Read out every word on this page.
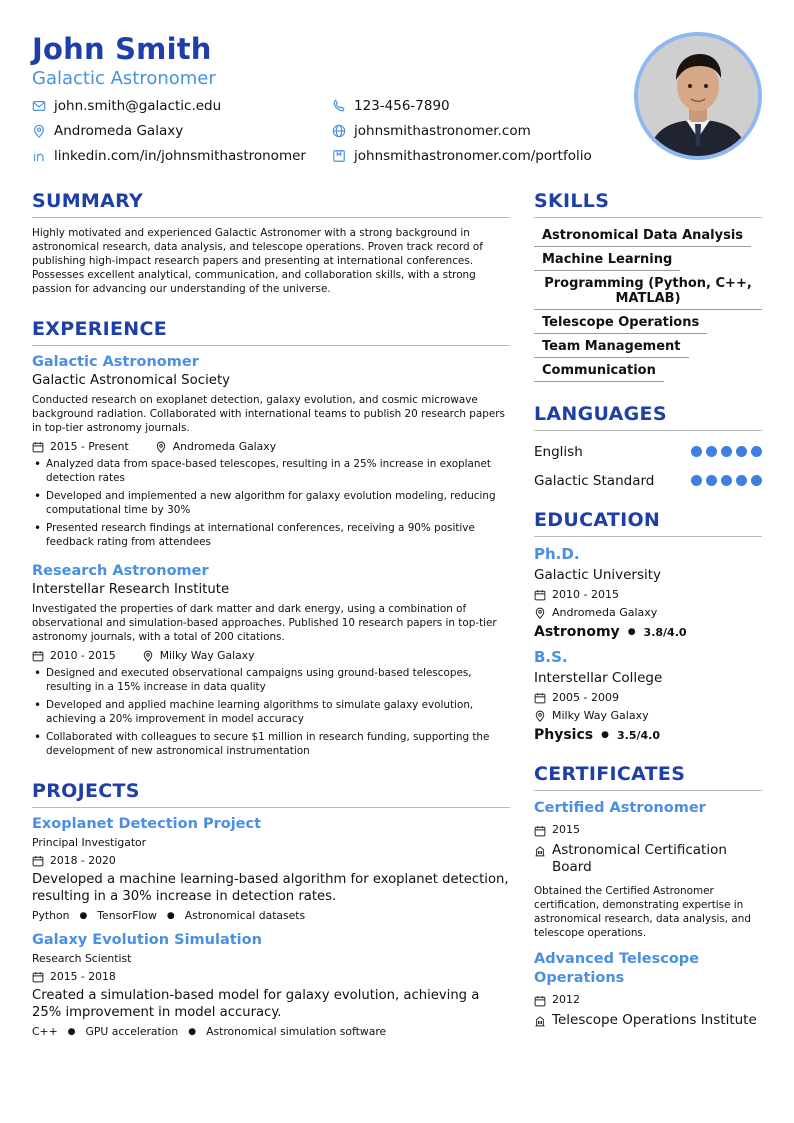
John Smith
Galactic Astronomer
john.smith@galactic.edu	123-456-7890
Andromeda Galaxy	johnsmithastronomer.com
linkedin.com/in/johnsmithastronomer	johnsmithastronomer.com/portfolio
SUMMARY
Highly motivated and experienced Galactic Astronomer with a strong background in astronomical research, data analysis, and telescope operations. Proven track record of publishing high-impact research papers and presenting at international conferences. Possesses excellent analytical, communication, and collaboration skills, with a strong passion for advancing our understanding of the universe.
EXPERIENCE
Galactic Astronomer
Galactic Astronomical Society
Conducted research on exoplanet detection, galaxy evolution, and cosmic microwave background radiation. Collaborated with international teams to publish 20 research papers in top-tier astronomy journals.
2015 - Present	Andromeda Galaxy
• Analyzed data from space-based telescopes, resulting in a 25% increase in exoplanet detection rates
• Developed and implemented a new algorithm for galaxy evolution modeling, reducing computational time by 30%
• Presented research findings at international conferences, receiving a 90% positive feedback rating from attendees
Research Astronomer
Interstellar Research Institute
Investigated the properties of dark matter and dark energy, using a combination of observational and simulation-based approaches. Published 10 research papers in top-tier astronomy journals, with a total of 200 citations.
2010 - 2015	Milky Way Galaxy
• Designed and executed observational campaigns using ground-based telescopes, resulting in a 15% increase in data quality
• Developed and applied machine learning algorithms to simulate galaxy evolution, achieving a 20% improvement in model accuracy
• Collaborated with colleagues to secure $1 million in research funding, supporting the development of new astronomical instrumentation
PROJECTS
Exoplanet Detection Project
Principal Investigator
2018 - 2020
Developed a machine learning-based algorithm for exoplanet detection, resulting in a 30% increase in detection rates.
Python ● TensorFlow ● Astronomical datasets
Galaxy Evolution Simulation
Research Scientist
2015 - 2018
Created a simulation-based model for galaxy evolution, achieving a 25% improvement in model accuracy.
C++ ● GPU acceleration ● Astronomical simulation software
SKILLS
Astronomical Data Analysis
Machine Learning
Programming (Python, C++, MATLAB)
Telescope Operations
Team Management
Communication
LANGUAGES
English
Galactic Standard
EDUCATION
Ph.D.
Galactic University
2010 - 2015
Andromeda Galaxy
Astronomy ● 3.8/4.0
B.S.
Interstellar College
2005 - 2009
Milky Way Galaxy
Physics ● 3.5/4.0
CERTIFICATES
Certified Astronomer
2015
Astronomical Certification Board
Obtained the Certified Astronomer certification, demonstrating expertise in astronomical research, data analysis, and telescope operations.
Advanced Telescope Operations
2012
Telescope Operations Institute
